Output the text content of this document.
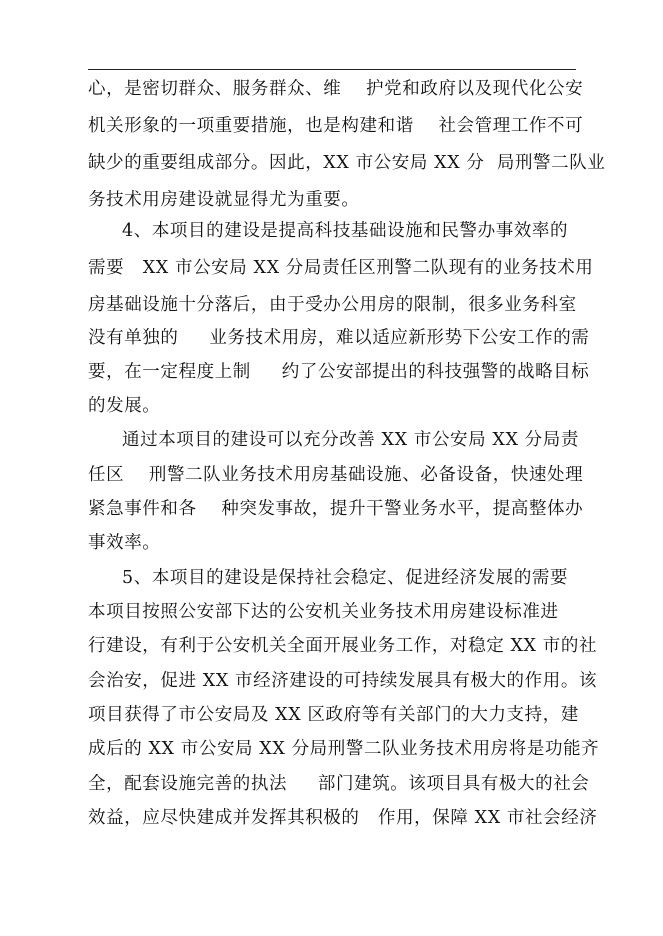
心，是密切群众、服务群众、维    护党和政府以及现代化公安
机关形象的一项重要措施，也是构建和谐    社会管理工作不可
缺少的重要组成部分。因此，XX 市公安局 XX 分  局刑警二队业
务技术用房建设就显得尤为重要。
4、本项目的建设是提高科技基础设施和民警办事效率的
需要   XX 市公安局 XX 分局责任区刑警二队现有的业务技术用
房基础设施十分落后，由于受办公用房的限制，很多业务科室
没有单独的     业务技术用房，难以适应新形势下公安工作的需
要，在一定程度上制     约了公安部提出的科技强警的战略目标
的发展。
通过本项目的建设可以充分改善 XX 市公安局 XX 分局责
任区    刑警二队业务技术用房基础设施、必备设备，快速处理
紧急事件和各    种突发事故，提升干警业务水平，提高整体办
事效率。
5、本项目的建设是保持社会稳定、促进经济发展的需要
本项目按照公安部下达的公安机关业务技术用房建设标准进
行建设，有利于公安机关全面开展业务工作，对稳定 XX 市的社
会治安，促进 XX 市经济建设的可持续发展具有极大的作用。该
项目获得了市公安局及 XX 区政府等有关部门的大力支持，建
成后的 XX 市公安局 XX 分局刑警二队业务技术用房将是功能齐
全，配套设施完善的执法     部门建筑。该项目具有极大的社会
效益，应尽快建成并发挥其积极的   作用，保障 XX 市社会经济
